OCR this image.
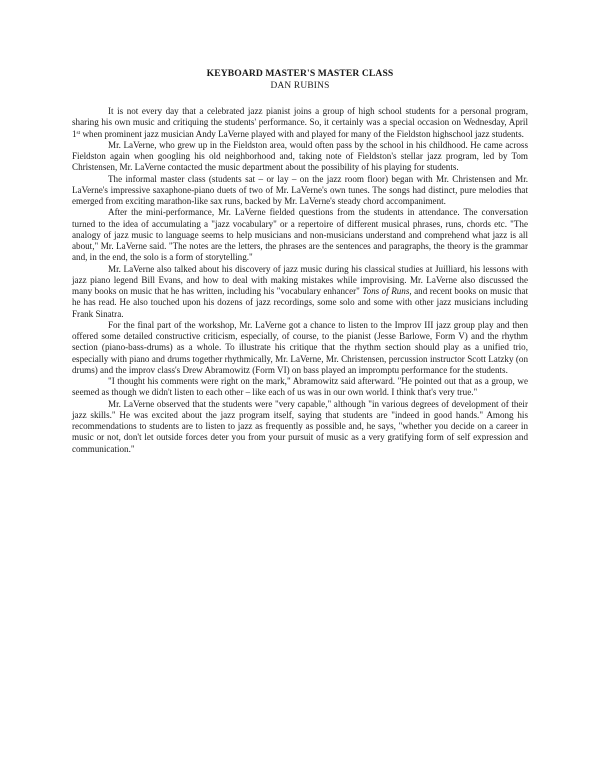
KEYBOARD MASTER'S MASTER CLASS
DAN RUBINS

It is not every day that a celebrated jazz pianist joins a group of high school students for a personal program, sharing his own music and critiquing the students' performance. So, it certainly was a special occasion on Wednesday, April 1st when prominent jazz musician Andy LaVerne played with and played for many of the Fieldston highschool jazz students.

Mr. LaVerne, who grew up in the Fieldston area, would often pass by the school in his childhood. He came across Fieldston again when googling his old neighborhood and, taking note of Fieldston's stellar jazz program, led by Tom Christensen, Mr. LaVerne contacted the music department about the possibility of his playing for students.

The informal master class (students sat – or lay – on the jazz room floor) began with Mr. Christensen and Mr. LaVerne's impressive saxaphone-piano duets of two of Mr. LaVerne's own tunes. The songs had distinct, pure melodies that emerged from exciting marathon-like sax runs, backed by Mr. LaVerne's steady chord accompaniment.

After the mini-performance, Mr. LaVerne fielded questions from the students in attendance. The conversation turned to the idea of accumulating a "jazz vocabulary" or a repertoire of different musical phrases, runs, chords etc. "The analogy of jazz music to language seems to help musicians and non-musicians understand and comprehend what jazz is all about," Mr. LaVerne said. "The notes are the letters, the phrases are the sentences and paragraphs, the theory is the grammar and, in the end, the solo is a form of storytelling."

Mr. LaVerne also talked about his discovery of jazz music during his classical studies at Juilliard, his lessons with jazz piano legend Bill Evans, and how to deal with making mistakes while improvising. Mr. LaVerne also discussed the many books on music that he has written, including his "vocabulary enhancer" Tons of Runs, and recent books on music that he has read. He also touched upon his dozens of jazz recordings, some solo and some with other jazz musicians including Frank Sinatra.

For the final part of the workshop, Mr. LaVerne got a chance to listen to the Improv III jazz group play and then offered some detailed constructive criticism, especially, of course, to the pianist (Jesse Barlowe, Form V) and the rhythm section (piano-bass-drums) as a whole. To illustrate his critique that the rhythm section should play as a unified trio, especially with piano and drums together rhythmically, Mr. LaVerne, Mr. Christensen, percussion instructor Scott Latzky (on drums) and the improv class's Drew Abramowitz (Form VI) on bass played an impromptu performance for the students.

"I thought his comments were right on the mark," Abramowitz said afterward. "He pointed out that as a group, we seemed as though we didn't listen to each other – like each of us was in our own world. I think that's very true."

Mr. LaVerne observed that the students were "very capable," although "in various degrees of development of their jazz skills." He was excited about the jazz program itself, saying that students are "indeed in good hands." Among his recommendations to students are to listen to jazz as frequently as possible and, he says, "whether you decide on a career in music or not, don't let outside forces deter you from your pursuit of music as a very gratifying form of self expression and communication."
